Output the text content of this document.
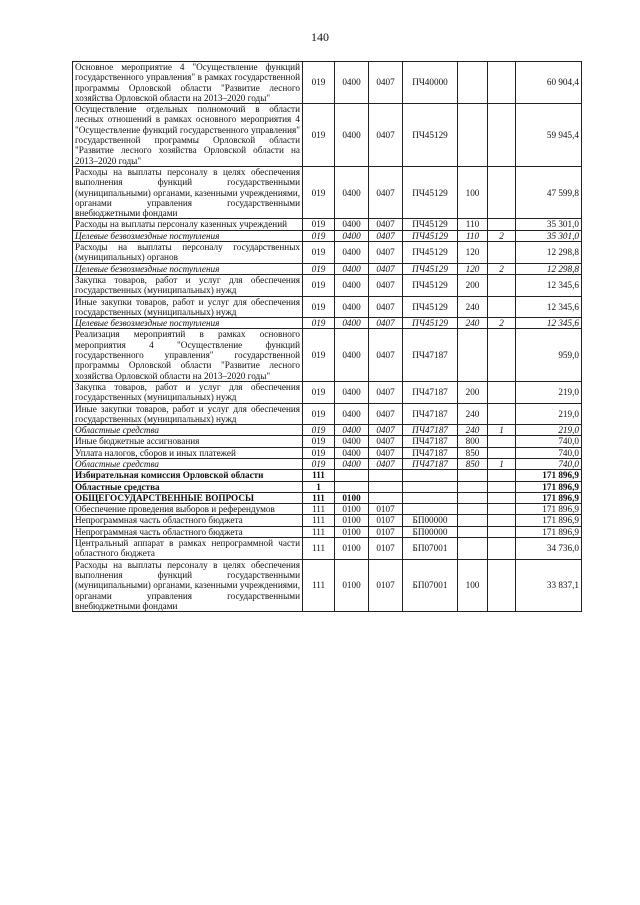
140
Основное мероприятие 4 "Осуществление функций государственного управления" в рамках государственной программы Орловской области "Развитие лесного хозяйства Орловской области на 2013–2020 годы"	019	0400	0407	ПЧ40000			60 904,4
Осуществление отдельных полномочий в области лесных отношений в рамках основного мероприятия 4 "Осуществление функций государственного управления" государственной программы Орловской области "Развитие лесного хозяйства Орловской области на 2013–2020 годы"	019	0400	0407	ПЧ45129			59 945,4
Расходы на выплаты персоналу в целях обеспечения выполнения функций государственными (муниципальными) органами, казенными учреждениями, органами управления государственными внебюджетными фондами	019	0400	0407	ПЧ45129	100		47 599,8
Расходы на выплаты персоналу казенных учреждений	019	0400	0407	ПЧ45129	110		35 301,0
Целевые безвозмездные поступления	019	0400	0407	ПЧ45129	110	2	35 301,0
Расходы на выплаты персоналу государственных (муниципальных) органов	019	0400	0407	ПЧ45129	120		12 298,8
Целевые безвозмездные поступления	019	0400	0407	ПЧ45129	120	2	12 298,8
Закупка товаров, работ и услуг для обеспечения государственных (муниципальных) нужд	019	0400	0407	ПЧ45129	200		12 345,6
Иные закупки товаров, работ и услуг для обеспечения государственных (муниципальных) нужд	019	0400	0407	ПЧ45129	240		12 345,6
Целевые безвозмездные поступления	019	0400	0407	ПЧ45129	240	2	12 345,6
Реализация мероприятий в рамках основного мероприятия 4 "Осуществление функций государственного управления" государственной программы Орловской области "Развитие лесного хозяйства Орловской области на 2013–2020 годы"	019	0400	0407	ПЧ47187			959,0
Закупка товаров, работ и услуг для обеспечения государственных (муниципальных) нужд	019	0400	0407	ПЧ47187	200		219,0
Иные закупки товаров, работ и услуг для обеспечения государственных (муниципальных) нужд	019	0400	0407	ПЧ47187	240		219,0
Областные средства	019	0400	0407	ПЧ47187	240	1	219,0
Иные бюджетные ассигнования	019	0400	0407	ПЧ47187	800		740,0
Уплата налогов, сборов и иных платежей	019	0400	0407	ПЧ47187	850		740,0
Областные средства	019	0400	0407	ПЧ47187	850	1	740,0
Избирательная комиссия Орловской области	111						171 896,9
Областные средства	1						171 896,9
ОБЩЕГОСУДАРСТВЕННЫЕ ВОПРОСЫ	111	0100					171 896,9
Обеспечение проведения выборов и референдумов	111	0100	0107				171 896,9
Непрограммная часть областного бюджета	111	0100	0107	БП00000			171 896,9
Непрограммная часть областного бюджета	111	0100	0107	БП00000			171 896,9
Центральный аппарат в рамках непрограммной части областного бюджета	111	0100	0107	БП07001			34 736,0
Расходы на выплаты персоналу в целях обеспечения выполнения функций государственными (муниципальными) органами, казенными учреждениями, органами управления государственными внебюджетными фондами	111	0100	0107	БП07001	100		33 837,1
